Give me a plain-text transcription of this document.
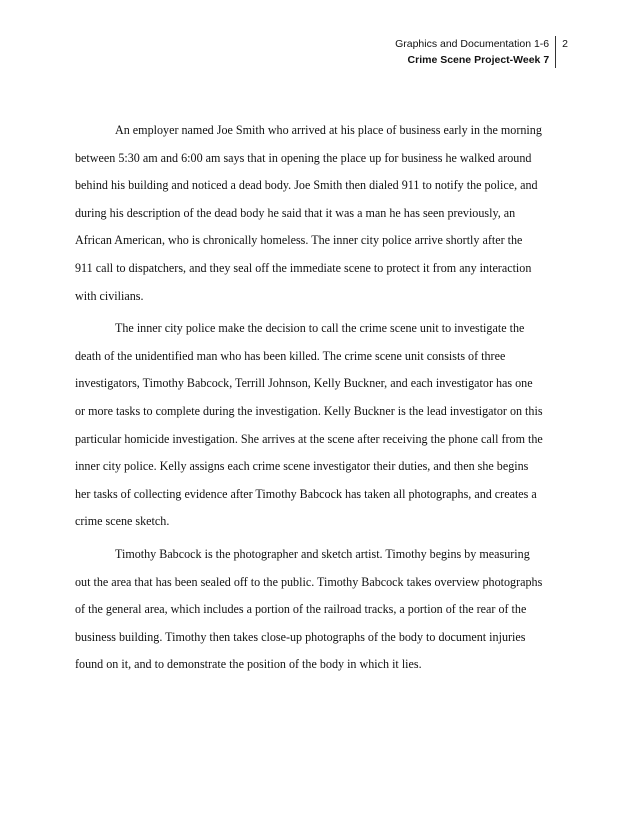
Graphics and Documentation 1-6
Crime Scene Project-Week 7
2
An employer named Joe Smith who arrived at his place of business early in the morning
between 5:30 am and 6:00 am says that in opening the place up for business he walked around
behind his building and noticed a dead body. Joe Smith then dialed 911 to notify the police, and
during his description of the dead body he said that it was a man he has seen previously, an
African American, who is chronically homeless. The inner city police arrive shortly after the
911 call to dispatchers, and they seal off the immediate scene to protect it from any interaction
with civilians.
The inner city police make the decision to call the crime scene unit to investigate the
death of the unidentified man who has been killed. The crime scene unit consists of three
investigators, Timothy Babcock, Terrill Johnson, Kelly Buckner, and each investigator has one
or more tasks to complete during the investigation. Kelly Buckner is the lead investigator on this
particular homicide investigation. She arrives at the scene after receiving the phone call from the
inner city police. Kelly assigns each crime scene investigator their duties, and then she begins
her tasks of collecting evidence after Timothy Babcock has taken all photographs, and creates a
crime scene sketch.
Timothy Babcock is the photographer and sketch artist. Timothy begins by measuring
out the area that has been sealed off to the public. Timothy Babcock takes overview photographs
of the general area, which includes a portion of the railroad tracks, a portion of the rear of the
business building. Timothy then takes close-up photographs of the body to document injuries
found on it, and to demonstrate the position of the body in which it lies.
